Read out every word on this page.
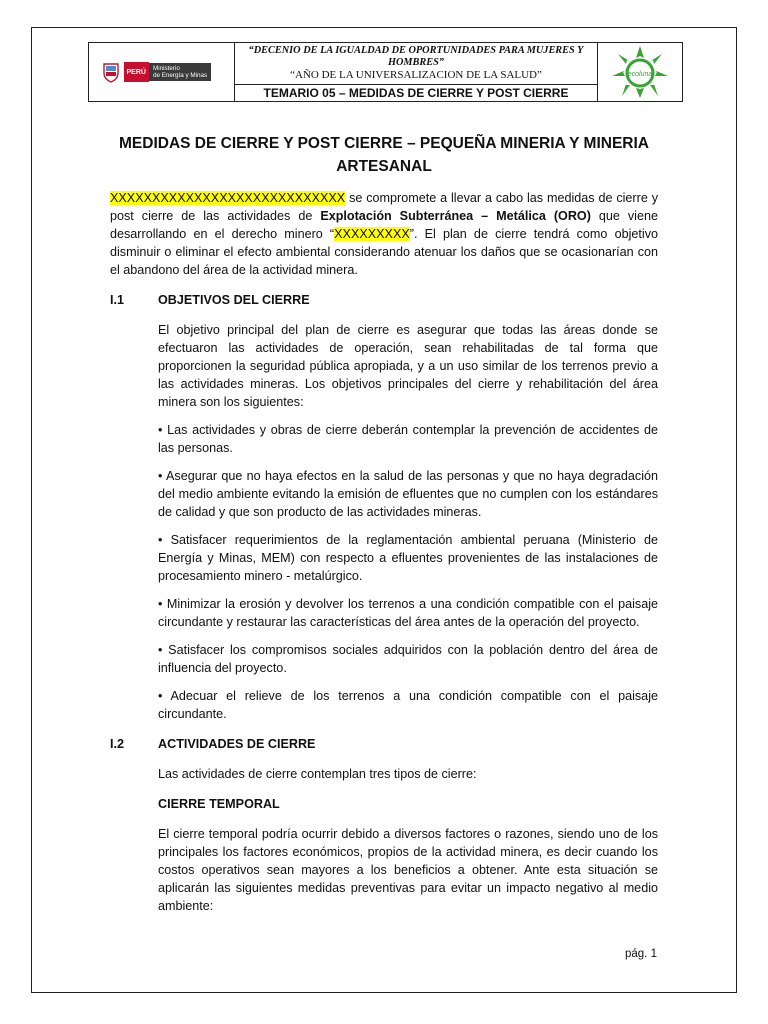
PERÚ	Ministerio
de Energía y Minas

“DECENIO DE LA IGUALDAD DE OPORTUNIDADES PARA MUJERES Y HOMBRES”
“AÑO DE LA UNIVERSALIZACION DE LA SALUD”	ecoluna

TEMARIO 05 – MEDIDAS DE CIERRE Y POST CIERRE
MEDIDAS DE CIERRE Y POST CIERRE – PEQUEÑA MINERIA Y MINERIA ARTESANAL

XXXXXXXXXXXXXXXXXXXXXXXXXXXX se compromete a llevar a cabo las medidas de cierre y post cierre de las actividades de Explotación Subterránea – Metálica (ORO) que viene desarrollando en el derecho minero “XXXXXXXXX”. El plan de cierre tendrá como objetivo disminuir o eliminar el efecto ambiental considerando atenuar los daños que se ocasionarían con el abandono del área de la actividad minera.

I.1	OBJETIVOS DEL CIERRE

El objetivo principal del plan de cierre es asegurar que todas las áreas donde se efectuaron las actividades de operación, sean rehabilitadas de tal forma que proporcionen la seguridad pública apropiada, y a un uso similar de los terrenos previo a las actividades mineras. Los objetivos principales del cierre y rehabilitación del área minera son los siguientes:

• Las actividades y obras de cierre deberán contemplar la prevención de accidentes de las personas.

• Asegurar que no haya efectos en la salud de las personas y que no haya degradación del medio ambiente evitando la emisión de efluentes que no cumplen con los estándares de calidad y que son producto de las actividades mineras.

• Satisfacer requerimientos de la reglamentación ambiental peruana (Ministerio de Energía y Minas, MEM) con respecto a efluentes provenientes de las instalaciones de procesamiento minero - metalúrgico.

• Minimizar la erosión y devolver los terrenos a una condición compatible con el paisaje circundante y restaurar las características del área antes de la operación del proyecto.

• Satisfacer los compromisos sociales adquiridos con la población dentro del área de influencia del proyecto.

• Adecuar el relieve de los terrenos a una condición compatible con el paisaje circundante.

I.2	ACTIVIDADES DE CIERRE

Las actividades de cierre contemplan tres tipos de cierre:

CIERRE TEMPORAL

El cierre temporal podría ocurrir debido a diversos factores o razones, siendo uno de los principales los factores económicos, propios de la actividad minera, es decir cuando los costos operativos sean mayores a los beneficios a obtener. Ante esta situación se aplicarán las siguientes medidas preventivas para evitar un impacto negativo al medio ambiente:

pág. 1
